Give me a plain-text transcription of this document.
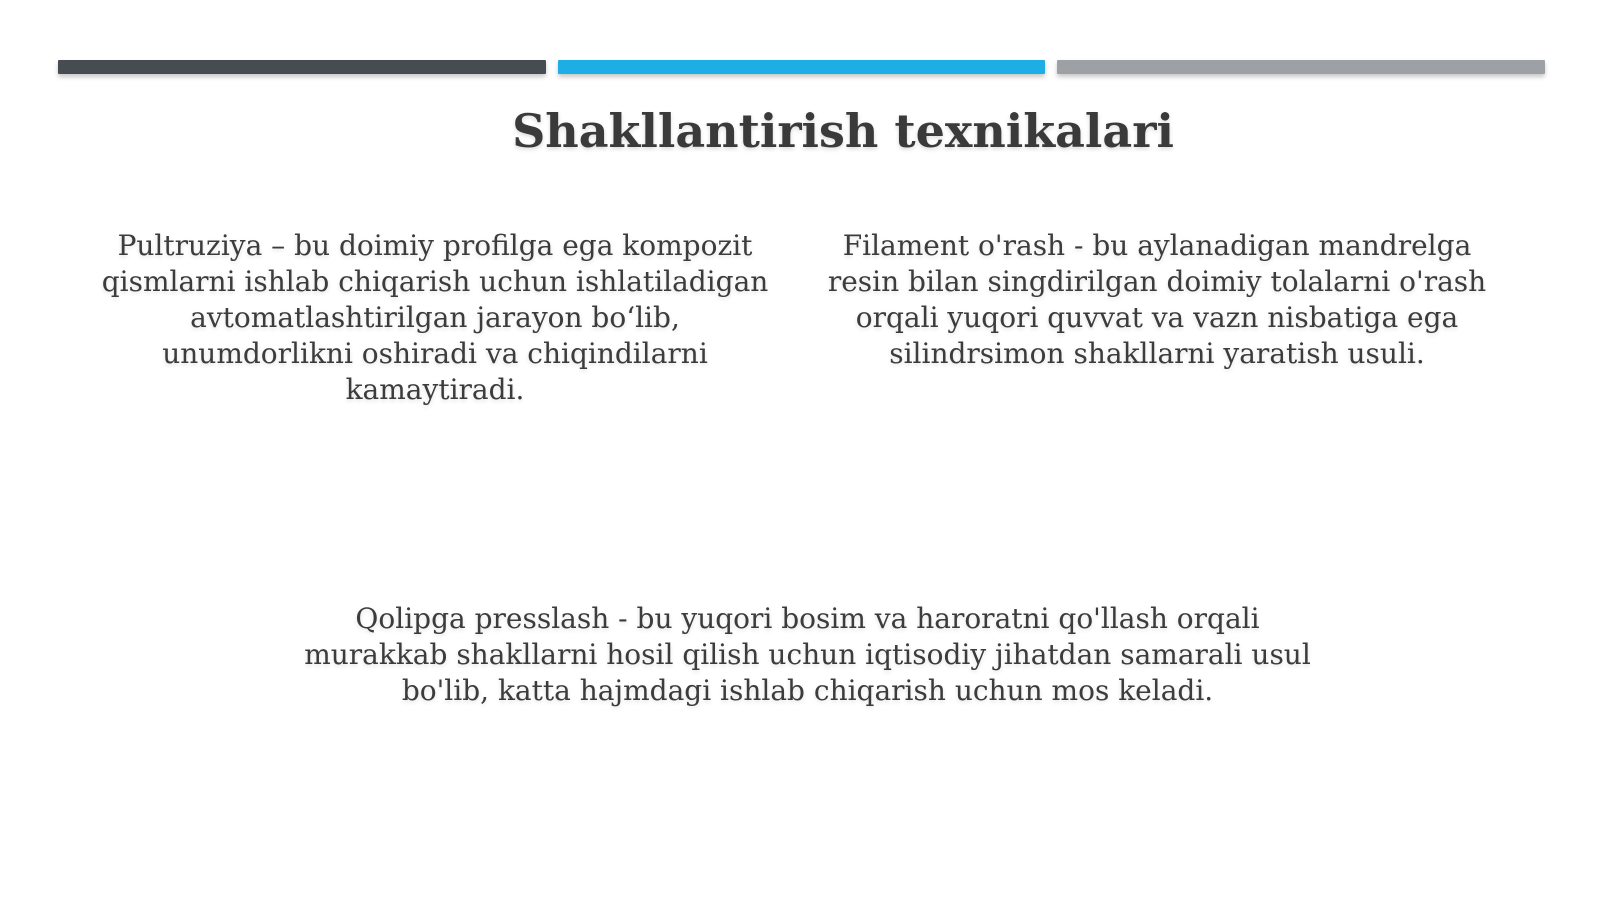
Shakllantirish texnikalari
Pultruziya – bu doimiy profilga ega kompozit qismlarni ishlab chiqarish uchun ishlatiladigan avtomatlashtirilgan jarayon bo‘lib, unumdorlikni oshiradi va chiqindilarni kamaytiradi.
Filament o'rash - bu aylanadigan mandrelga resin bilan singdirilgan doimiy tolalarni o'rash orqali yuqori quvvat va vazn nisbatiga ega silindrsimon shakllarni yaratish usuli.
Qolipga presslash - bu yuqori bosim va haroratni qo'llash orqali murakkab shakllarni hosil qilish uchun iqtisodiy jihatdan samarali usul bo'lib, katta hajmdagi ishlab chiqarish uchun mos keladi.
